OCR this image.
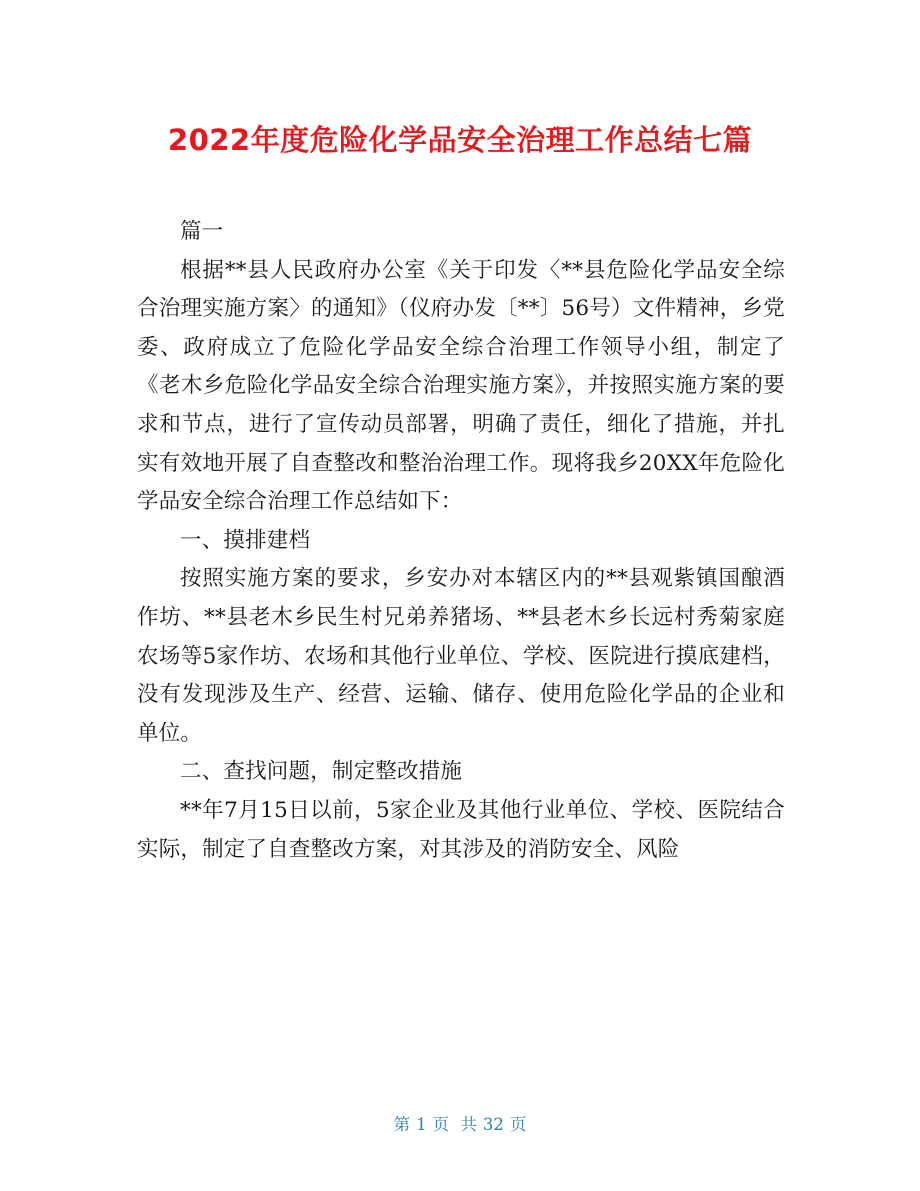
2022年度危险化学品安全治理工作总结七篇

篇一

根据**县人民政府办公室《关于印发〈**县危险化学品安全综合治理实施方案〉的通知》（仪府办发〔**〕56号）文件精神，乡党委、政府成立了危险化学品安全综合治理工作领导小组，制定了《老木乡危险化学品安全综合治理实施方案》，并按照实施方案的要求和节点，进行了宣传动员部署，明确了责任，细化了措施，并扎实有效地开展了自查整改和整治治理工作。现将我乡20XX年危险化学品安全综合治理工作总结如下：

一、摸排建档

按照实施方案的要求，乡安办对本辖区内的**县观紫镇国酿酒作坊、**县老木乡民生村兄弟养猪场、**县老木乡长远村秀菊家庭农场等5家作坊、农场和其他行业单位、学校、医院进行摸底建档，没有发现涉及生产、经营、运输、储存、使用危险化学品的企业和单位。

二、查找问题，制定整改措施

**年7月15日以前，5家企业及其他行业单位、学校、医院结合实际，制定了自查整改方案，对其涉及的消防安全、风险

第 1 页 共 32 页
